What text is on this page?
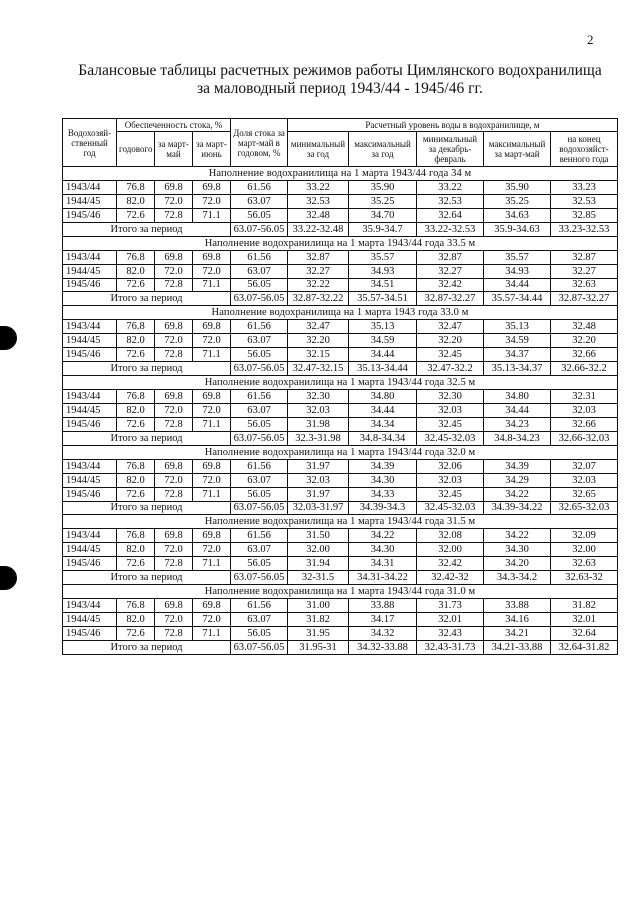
2
Балансовые таблицы расчетных режимов работы Цимлянского водохранилища
за маловодный период 1943/44 - 1945/46 гг.
Водохозяй-ственный год	Обеспеченность стока, %			Доля стока за март-май в годовом, %	Расчетный уровень воды в водохранилище, м				
	годового	за март-май	за март-июнь		минимальный за год	максимальный за год	минимальный за декабрь-февраль	максимальный за март-май	на конец водохозяйст-венного года
Наполнение водохранилища на 1 марта 1943/44 года 34 м									
1943/44	76.8	69.8	69.8	61.56	33.22	35.90	33.22	35.90	33.23
1944/45	82.0	72.0	72.0	63.07	32.53	35.25	32.53	35.25	32.53
1945/46	72.6	72.8	71.1	56.05	32.48	34.70	32.64	34.63	32.85
Итого за период				63.07-56.05	33.22-32.48	35.9-34.7	33.22-32.53	35.9-34.63	33.23-32.53
Наполнение водохранилища на 1 марта 1943/44 года 33.5 м									
1943/44	76.8	69.8	69.8	61.56	32.87	35.57	32.87	35.57	32.87
1944/45	82.0	72.0	72.0	63.07	32.27	34.93	32.27	34.93	32.27
1945/46	72.6	72.8	71.1	56.05	32.22	34.51	32.42	34.44	32.63
Итого за период				63.07-56.05	32.87-32.22	35.57-34.51	32.87-32.27	35.57-34.44	32.87-32.27
Наполнение водохранилища на 1 марта 1943 года 33.0 м									
1943/44	76.8	69.8	69.8	61.56	32.47	35.13	32.47	35.13	32.48
1944/45	82.0	72.0	72.0	63.07	32.20	34.59	32.20	34.59	32.20
1945/46	72.6	72.8	71.1	56.05	32.15	34.44	32.45	34.37	32.66
Итого за период				63.07-56.05	32.47-32.15	35.13-34.44	32.47-32.2	35.13-34.37	32.66-32.2
Наполнение водохранилища на 1 марта 1943/44 года 32.5 м									
1943/44	76.8	69.8	69.8	61.56	32.30	34.80	32.30	34.80	32.31
1944/45	82.0	72.0	72.0	63.07	32.03	34.44	32.03	34.44	32.03
1945/46	72.6	72.8	71.1	56.05	31.98	34.34	32.45	34.23	32.66
Итого за период				63.07-56.05	32.3-31.98	34.8-34.34	32.45-32.03	34.8-34.23	32.66-32.03
Наполнение водохранилища на 1 марта 1943/44 года 32.0 м									
1943/44	76.8	69.8	69.8	61.56	31.97	34.39	32.06	34.39	32.07
1944/45	82.0	72.0	72.0	63.07	32.03	34.30	32.03	34.29	32.03
1945/46	72.6	72.8	71.1	56.05	31.97	34.33	32.45	34.22	32.65
Итого за период				63.07-56.05	32.03-31.97	34.39-34.3	32.45-32.03	34.39-34.22	32.65-32.03
Наполнение водохранилища на 1 марта 1943/44 года 31.5 м									
1943/44	76.8	69.8	69.8	61.56	31.50	34.22	32.08	34.22	32.09
1944/45	82.0	72.0	72.0	63.07	32.00	34.30	32.00	34.30	32.00
1945/46	72.6	72.8	71.1	56.05	31.94	34.31	32.42	34.20	32.63
Итого за период				63.07-56.05	32-31.5	34.31-34.22	32.42-32	34.3-34.2	32.63-32
Наполнение водохранилища на 1 марта 1943/44 года 31.0 м									
1943/44	76.8	69.8	69.8	61.56	31.00	33.88	31.73	33.88	31.82
1944/45	82.0	72.0	72.0	63.07	31.82	34.17	32.01	34.16	32.01
1945/46	72.6	72.8	71.1	56.05	31.95	34.32	32.43	34.21	32.64
Итого за период				63.07-56.05	31.95-31	34.32-33.88	32.43-31.73	34.21-33.88	32.64-31.82
